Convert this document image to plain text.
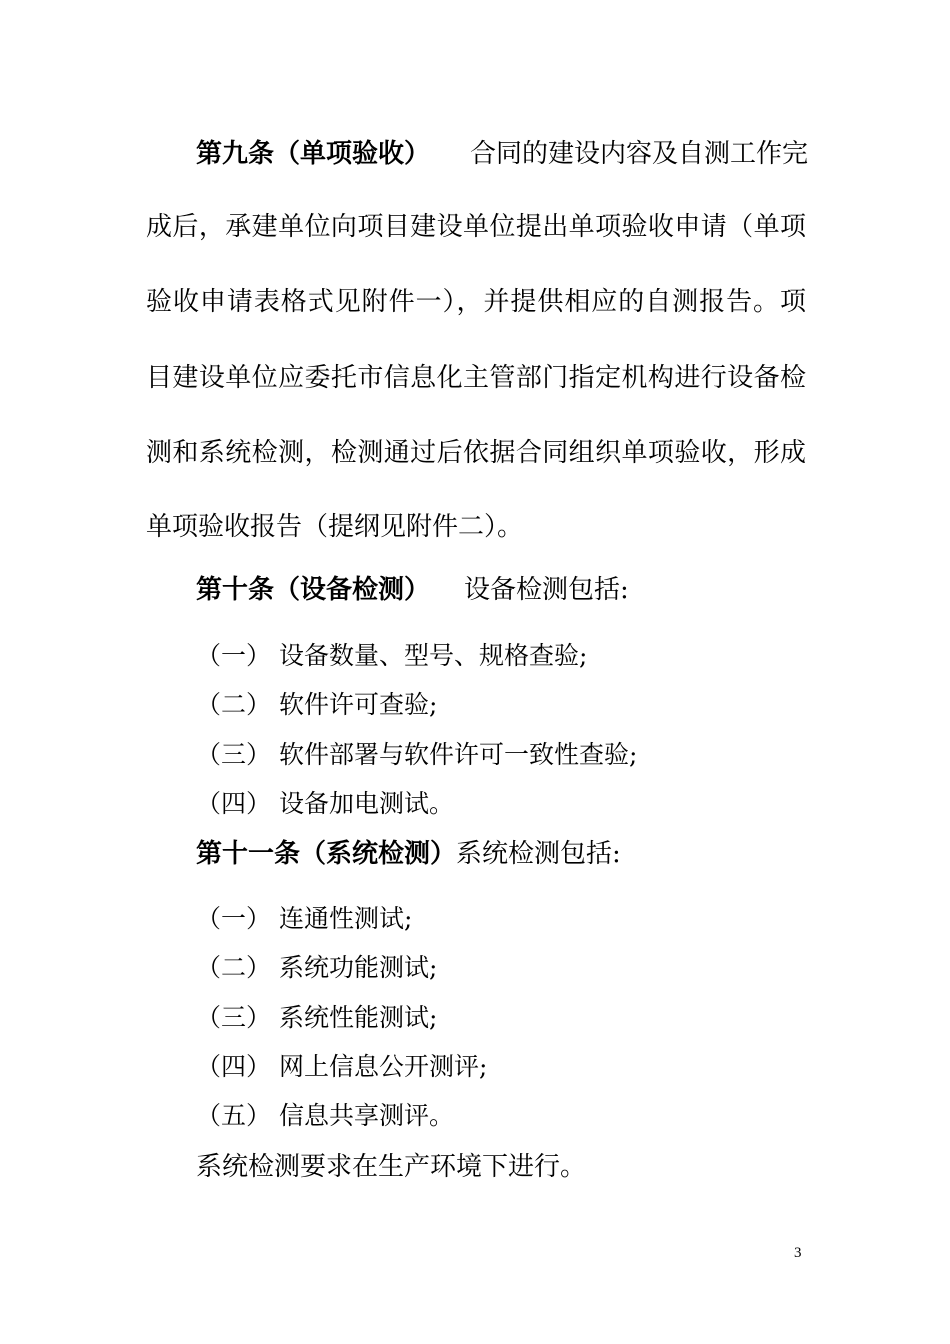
第九条（单项验收） 合同的建设内容及自测工作完
成后，承建单位向项目建设单位提出单项验收申请（单项
验收申请表格式见附件一），并提供相应的自测报告。项
目建设单位应委托市信息化主管部门指定机构进行设备检
测和系统检测，检测通过后依据合同组织单项验收，形成
单项验收报告（提纲见附件二）。
第十条（设备检测） 设备检测包括:
（一） 设备数量、型号、规格查验;
（二） 软件许可查验;
（三） 软件部署与软件许可一致性查验;
（四） 设备加电测试。
第十一条（系统检测）系统检测包括:
（一） 连通性测试;
（二） 系统功能测试;
（三） 系统性能测试;
（四） 网上信息公开测评;
（五） 信息共享测评。
系统检测要求在生产环境下进行。
3
